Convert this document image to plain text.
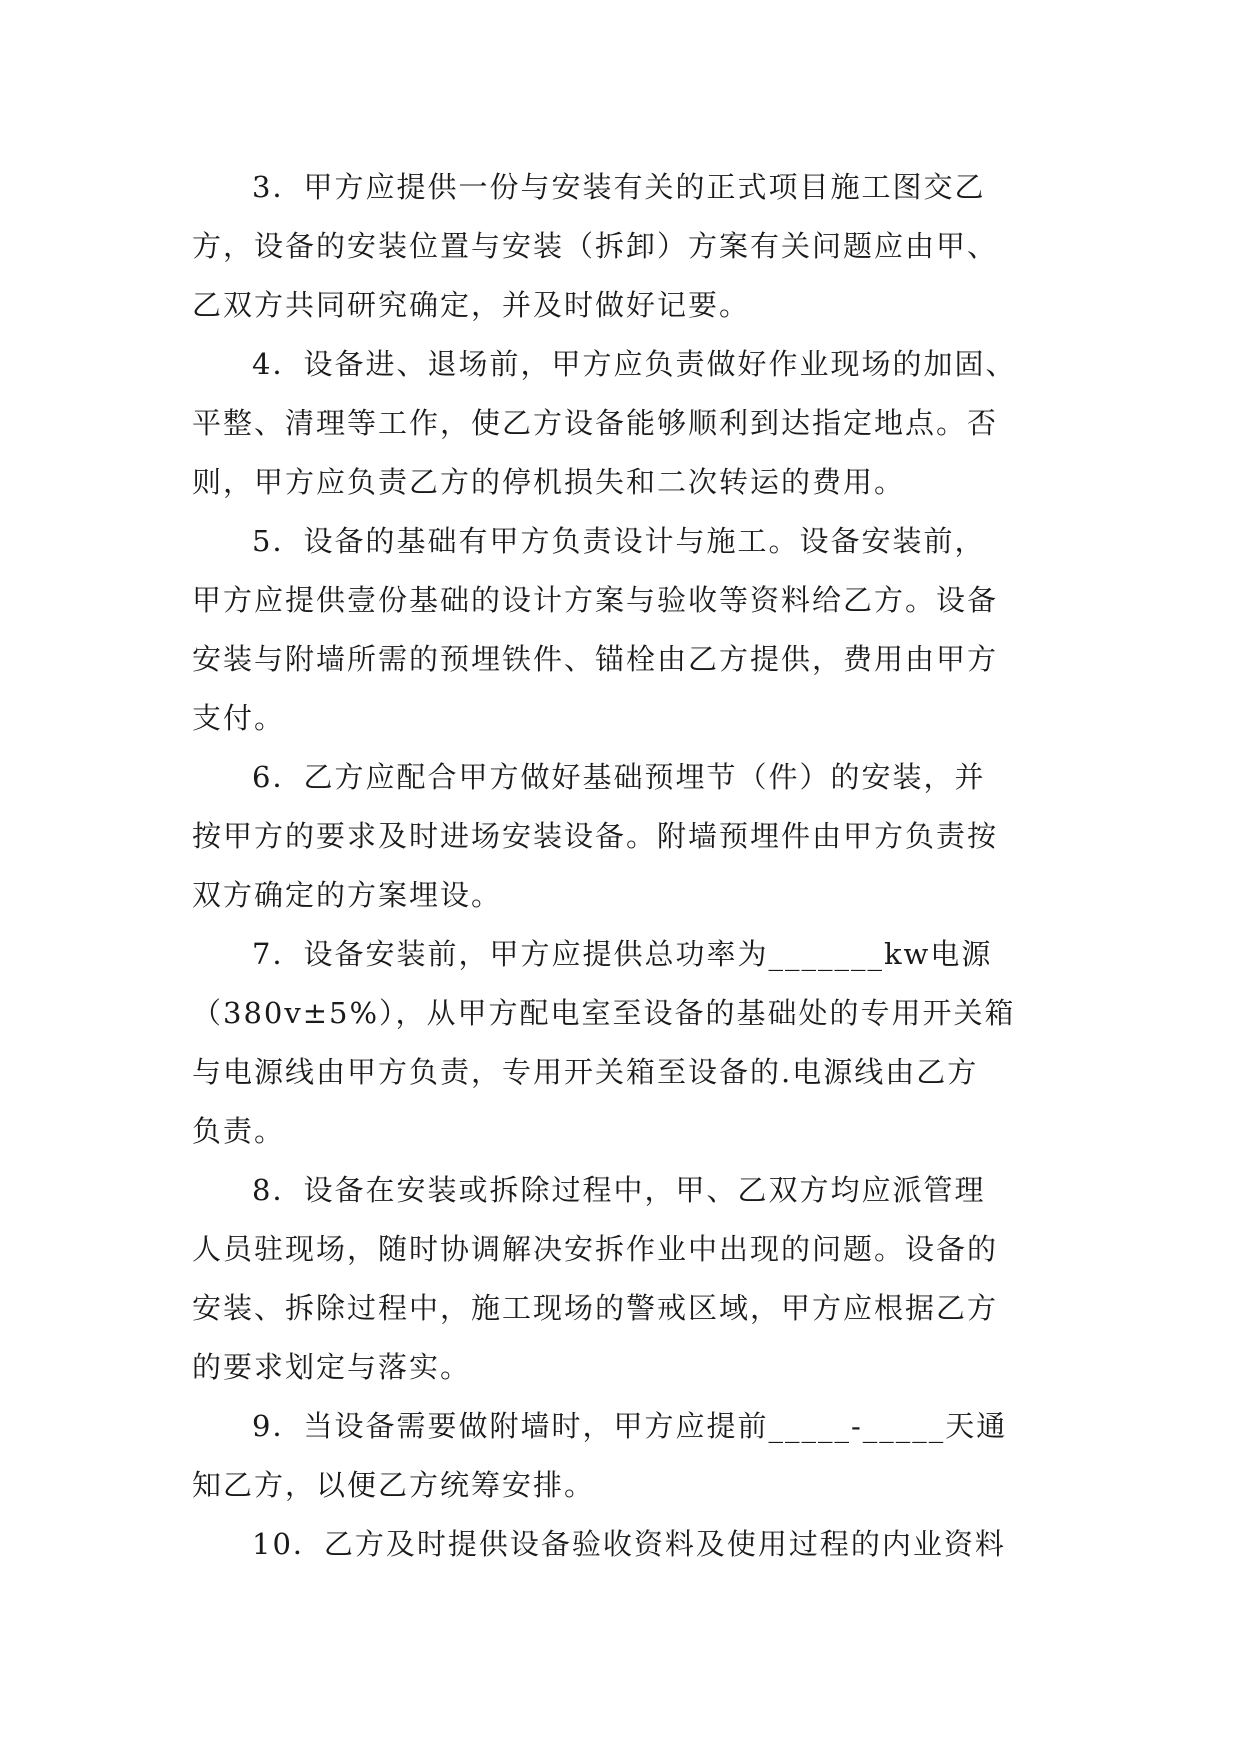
3．甲方应提供一份与安装有关的正式项目施工图交乙
方，设备的安装位置与安装（拆卸）方案有关问题应由甲、
乙双方共同研究确定，并及时做好记要。
4．设备进、退场前，甲方应负责做好作业现场的加固、
平整、清理等工作，使乙方设备能够顺利到达指定地点。否
则，甲方应负责乙方的停机损失和二次转运的费用。
5．设备的基础有甲方负责设计与施工。设备安装前，
甲方应提供壹份基础的设计方案与验收等资料给乙方。设备
安装与附墙所需的预埋铁件、锚栓由乙方提供，费用由甲方
支付。
6．乙方应配合甲方做好基础预埋节（件）的安装，并
按甲方的要求及时进场安装设备。附墙预埋件由甲方负责按
双方确定的方案埋设。
7．设备安装前，甲方应提供总功率为_______kw电源
（380v±5%），从甲方配电室至设备的基础处的专用开关箱
与电源线由甲方负责，专用开关箱至设备的.电源线由乙方
负责。
8．设备在安装或拆除过程中，甲、乙双方均应派管理
人员驻现场，随时协调解决安拆作业中出现的问题。设备的
安装、拆除过程中，施工现场的警戒区域，甲方应根据乙方
的要求划定与落实。
9．当设备需要做附墙时，甲方应提前_____-_____天通
知乙方，以便乙方统筹安排。
10．乙方及时提供设备验收资料及使用过程的内业资料
